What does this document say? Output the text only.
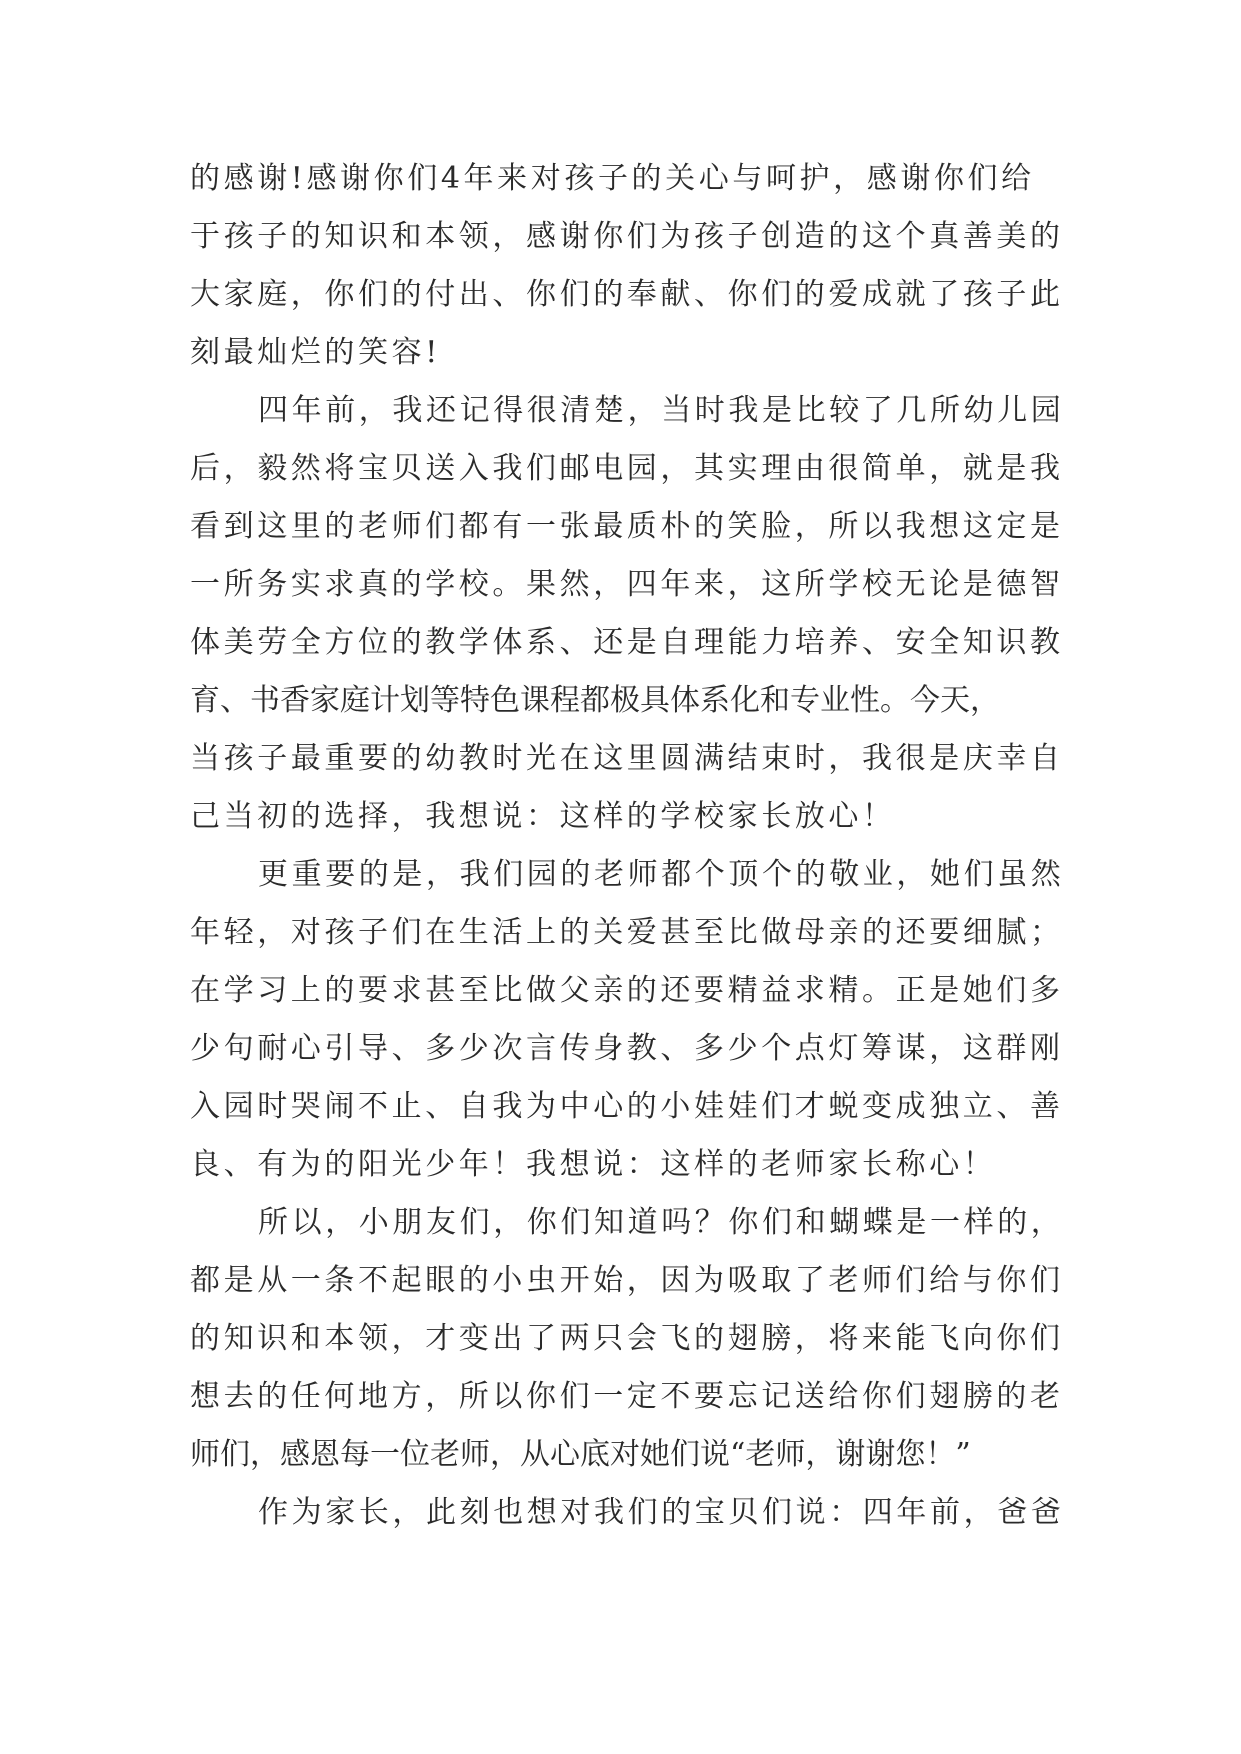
的感谢!感谢你们4年来对孩子的关心与呵护，感谢你们给
于孩子的知识和本领，感谢你们为孩子创造的这个真善美的
大家庭，你们的付出、你们的奉献、你们的爱成就了孩子此
刻最灿烂的笑容!
四年前，我还记得很清楚，当时我是比较了几所幼儿园
后，毅然将宝贝送入我们邮电园，其实理由很简单，就是我
看到这里的老师们都有一张最质朴的笑脸，所以我想这定是
一所务实求真的学校。果然，四年来，这所学校无论是德智
体美劳全方位的教学体系、还是自理能力培养、安全知识教
育、书香家庭计划等特色课程都极具体系化和专业性。今天，
当孩子最重要的幼教时光在这里圆满结束时，我很是庆幸自
己当初的选择，我想说：这样的学校家长放心！
更重要的是，我们园的老师都个顶个的敬业，她们虽然
年轻，对孩子们在生活上的关爱甚至比做母亲的还要细腻；
在学习上的要求甚至比做父亲的还要精益求精。正是她们多
少句耐心引导、多少次言传身教、多少个点灯筹谋，这群刚
入园时哭闹不止、自我为中心的小娃娃们才蜕变成独立、善
良、有为的阳光少年！我想说：这样的老师家长称心！
所以，小朋友们，你们知道吗？你们和蝴蝶是一样的，
都是从一条不起眼的小虫开始，因为吸取了老师们给与你们
的知识和本领，才变出了两只会飞的翅膀，将来能飞向你们
想去的任何地方，所以你们一定不要忘记送给你们翅膀的老
师们，感恩每一位老师，从心底对她们说“老师，谢谢您！”
作为家长，此刻也想对我们的宝贝们说：四年前，爸爸
